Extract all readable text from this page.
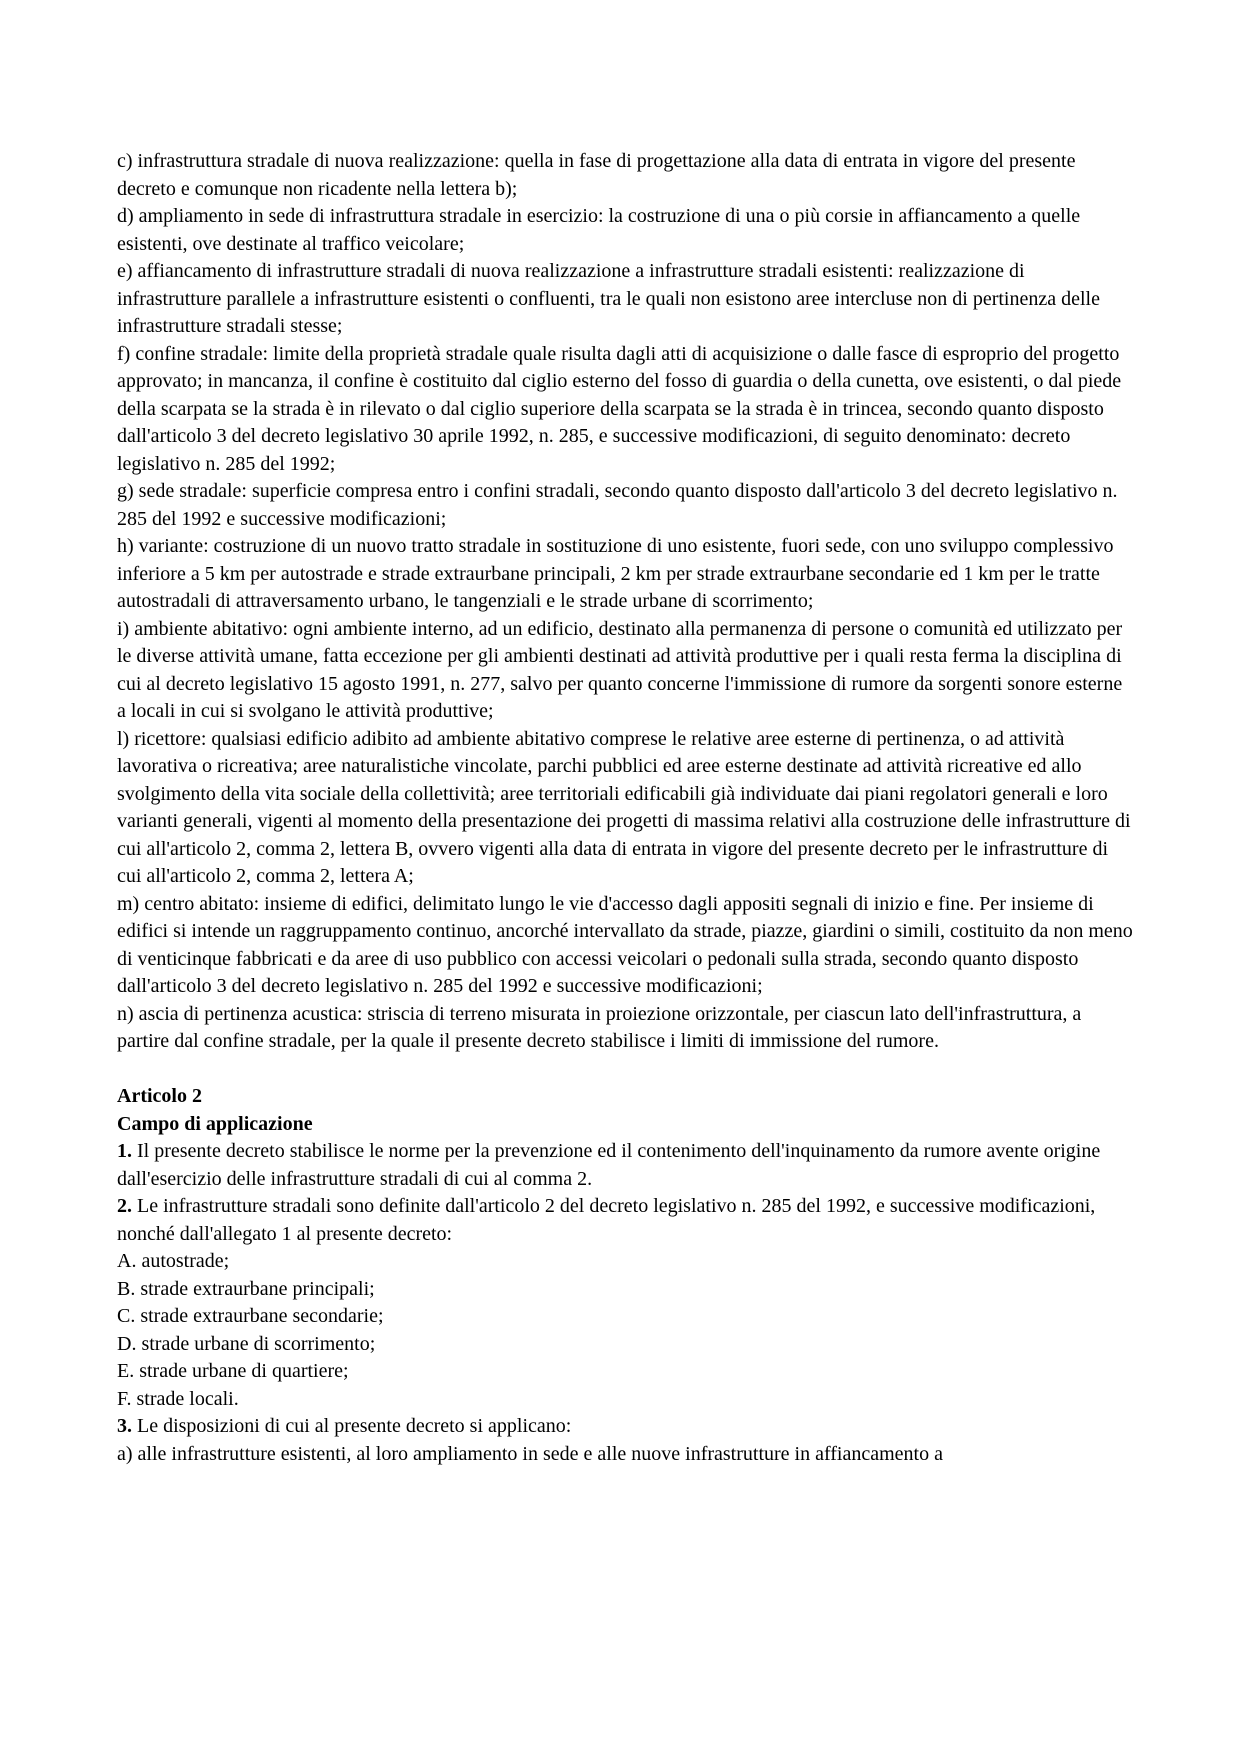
c) infrastruttura stradale di nuova realizzazione: quella in fase di progettazione alla data di entrata in vigore del presente decreto e comunque non ricadente nella lettera b);

d) ampliamento in sede di infrastruttura stradale in esercizio: la costruzione di una o più corsie in affiancamento a quelle esistenti, ove destinate al traffico veicolare;

e) affiancamento di infrastrutture stradali di nuova realizzazione a infrastrutture stradali esistenti: realizzazione di infrastrutture parallele a infrastrutture esistenti o confluenti, tra le quali non esistono aree intercluse non di pertinenza delle infrastrutture stradali stesse;

f) confine stradale: limite della proprietà stradale quale risulta dagli atti di acquisizione o dalle fasce di esproprio del progetto approvato; in mancanza, il confine è costituito dal ciglio esterno del fosso di guardia o della cunetta, ove esistenti, o dal piede della scarpata se la strada è in rilevato o dal ciglio superiore della scarpata se la strada è in trincea, secondo quanto disposto dall'articolo 3 del decreto legislativo 30 aprile 1992, n. 285, e successive modificazioni, di seguito denominato: decreto legislativo n. 285 del 1992;

g) sede stradale: superficie compresa entro i confini stradali, secondo quanto disposto dall'articolo 3 del decreto legislativo n. 285 del 1992 e successive modificazioni;

h) variante: costruzione di un nuovo tratto stradale in sostituzione di uno esistente, fuori sede, con uno sviluppo complessivo inferiore a 5 km per autostrade e strade extraurbane principali, 2 km per strade extraurbane secondarie ed 1 km per le tratte autostradali di attraversamento urbano, le tangenziali e le strade urbane di scorrimento;

i) ambiente abitativo: ogni ambiente interno, ad un edificio, destinato alla permanenza di persone o comunità ed utilizzato per le diverse attività umane, fatta eccezione per gli ambienti destinati ad attività produttive per i quali resta ferma la disciplina di cui al decreto legislativo 15 agosto 1991, n. 277, salvo per quanto concerne l'immissione di rumore da sorgenti sonore esterne a locali in cui si svolgano le attività produttive;

l) ricettore: qualsiasi edificio adibito ad ambiente abitativo comprese le relative aree esterne di pertinenza, o ad attività lavorativa o ricreativa; aree naturalistiche vincolate, parchi pubblici ed aree esterne destinate ad attività ricreative ed allo svolgimento della vita sociale della collettività; aree territoriali edificabili già individuate dai piani regolatori generali e loro varianti generali, vigenti al momento della presentazione dei progetti di massima relativi alla costruzione delle infrastrutture di cui all'articolo 2, comma 2, lettera B, ovvero vigenti alla data di entrata in vigore del presente decreto per le infrastrutture di cui all'articolo 2, comma 2, lettera A;

m) centro abitato: insieme di edifici, delimitato lungo le vie d'accesso dagli appositi segnali di inizio e fine. Per insieme di edifici si intende un raggruppamento continuo, ancorché intervallato da strade, piazze, giardini o simili, costituito da non meno di venticinque fabbricati e da aree di uso pubblico con accessi veicolari o pedonali sulla strada, secondo quanto disposto dall'articolo 3 del decreto legislativo n. 285 del 1992 e successive modificazioni;

n) ascia di pertinenza acustica: striscia di terreno misurata in proiezione orizzontale, per ciascun lato dell'infrastruttura, a partire dal confine stradale, per la quale il presente decreto stabilisce i limiti di immissione del rumore.

Articolo 2

Campo di applicazione

1. Il presente decreto stabilisce le norme per la prevenzione ed il contenimento dell'inquinamento da rumore avente origine dall'esercizio delle infrastrutture stradali di cui al comma 2.

2. Le infrastrutture stradali sono definite dall'articolo 2 del decreto legislativo n. 285 del 1992, e successive modificazioni, nonché dall'allegato 1 al presente decreto:

A. autostrade;

B. strade extraurbane principali;

C. strade extraurbane secondarie;

D. strade urbane di scorrimento;

E. strade urbane di quartiere;

F. strade locali.

3. Le disposizioni di cui al presente decreto si applicano:

a) alle infrastrutture esistenti, al loro ampliamento in sede e alle nuove infrastrutture in affiancamento a
